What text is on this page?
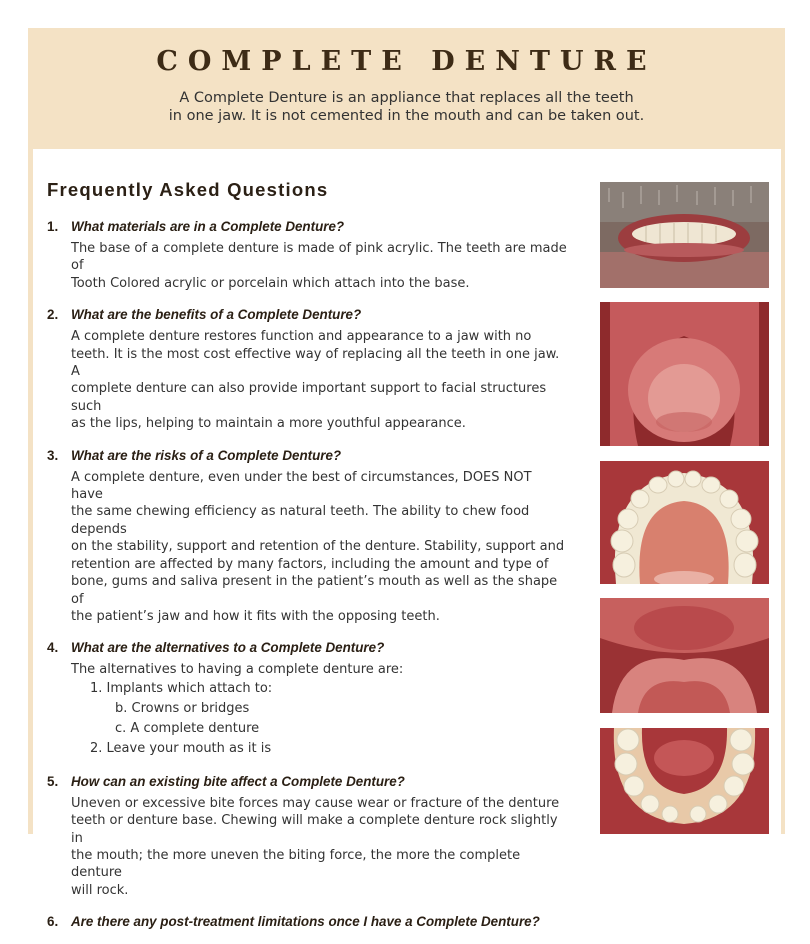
COMPLETE DENTURE
A Complete Denture is an appliance that replaces all the teeth
in one jaw. It is not cemented in the mouth and can be taken out.
Frequently Asked Questions
1. What materials are in a Complete Denture?
The base of a complete denture is made of pink acrylic. The teeth are made of
Tooth Colored acrylic or porcelain which attach into the base.
2. What are the benefits of a Complete Denture?
A complete denture restores function and appearance to a jaw with no
teeth. It is the most cost effective way of replacing all the teeth in one jaw. A
complete denture can also provide important support to facial structures such
as the lips, helping to maintain a more youthful appearance.
3. What are the risks of a Complete Denture?
A complete denture, even under the best of circumstances, DOES NOT have
the same chewing efficiency as natural teeth. The ability to chew food depends
on the stability, support and retention of the denture. Stability, support and
retention are affected by many factors, including the amount and type of
bone, gums and saliva present in the patient’s mouth as well as the shape of
the patient’s jaw and how it fits with the opposing teeth.
4. What are the alternatives to a Complete Denture?
The alternatives to having a complete denture are:
1. Implants which attach to:
b. Crowns or bridges
c. A complete denture
2. Leave your mouth as it is
5. How can an existing bite affect a Complete Denture?
Uneven or excessive bite forces may cause wear or fracture of the denture
teeth or denture base. Chewing will make a complete denture rock slightly in
the mouth; the more uneven the biting force, the more the complete denture
will rock.
6. Are there any post-treatment limitations once I have a Complete Denture?
